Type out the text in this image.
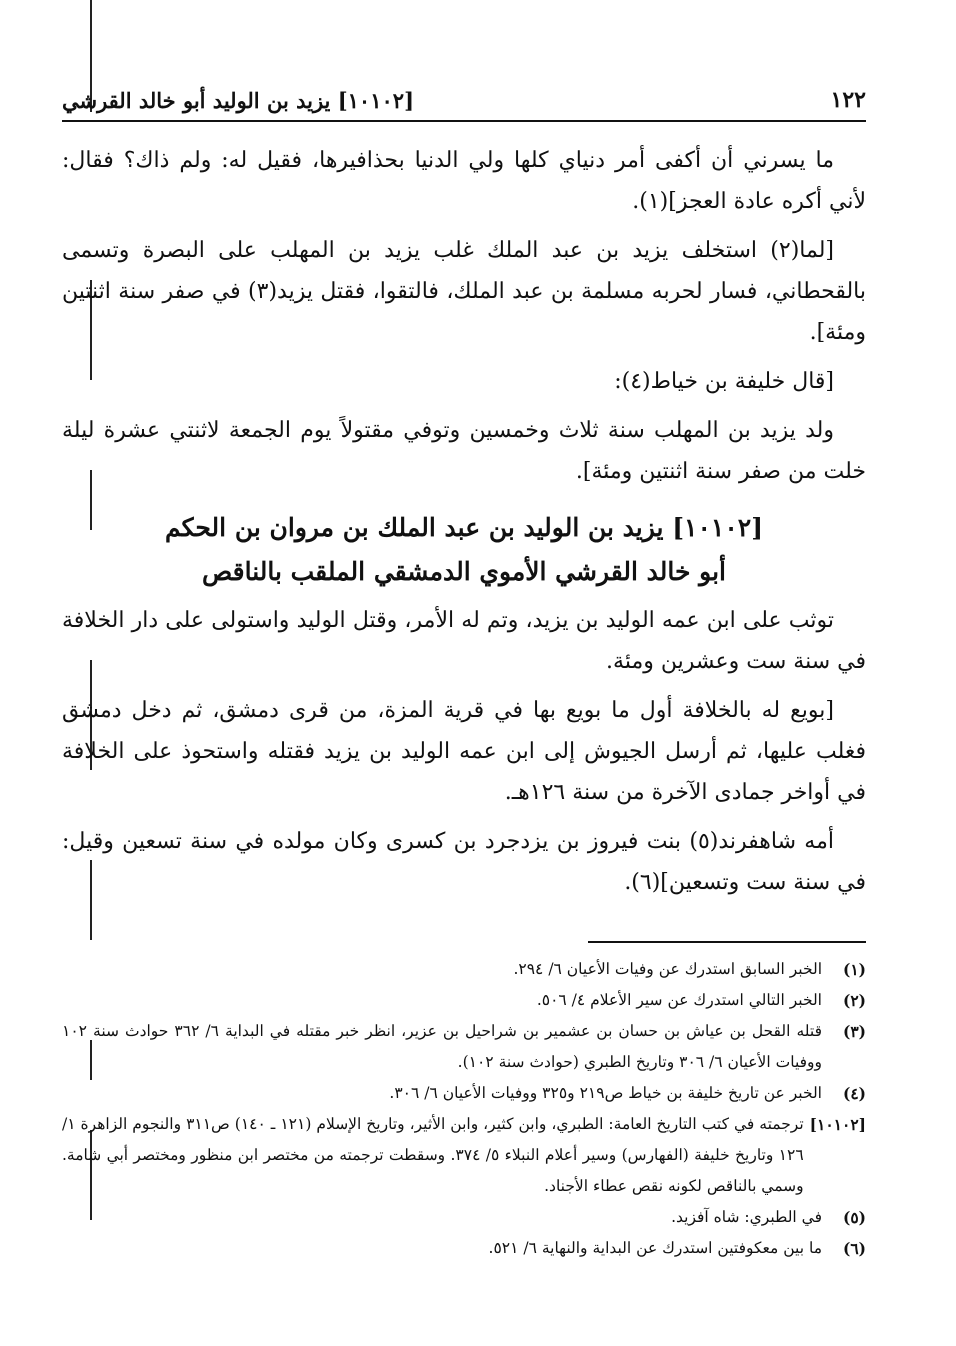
١٢٢
[١٠١٠٢] يزيد بن الوليد أبو خالد القرشي

ما يسرني أن أكفى أمر دنياي كلها ولي الدنيا بحذافيرها، فقيل له: ولم ذاك؟ فقال: لأني أكره عادة العجز](١).

[لما(٢) استخلف يزيد بن عبد الملك غلب يزيد بن المهلب على البصرة وتسمى بالقحطاني، فسار لحربه مسلمة بن عبد الملك، فالتقوا، فقتل يزيد(٣) في صفر سنة اثنتين ومئة].

[قال خليفة بن خياط(٤):

ولد يزيد بن المهلب سنة ثلاث وخمسين وتوفي مقتولاً يوم الجمعة لاثنتي عشرة ليلة خلت من صفر سنة اثنتين ومئة].

[١٠١٠٢] يزيد بن الوليد بن عبد الملك بن مروان بن الحكم
أبو خالد القرشي الأموي الدمشقي الملقب بالناقص

توثب على ابن عمه الوليد بن يزيد، وتم له الأمر، وقتل الوليد واستولى على دار الخلافة في سنة ست وعشرين ومئة.

[بويع له بالخلافة أول ما بويع بها في قرية المزة، من قرى دمشق، ثم دخل دمشق فغلب عليها، ثم أرسل الجيوش إلى ابن عمه الوليد بن يزيد فقتله واستحوذ على الخلافة في أواخر جمادى الآخرة من سنة ١٢٦هـ.

أمه شاهفرند(٥) بنت فيروز بن يزدجرد بن كسرى وكان مولده في سنة تسعين وقيل: في سنة ست وتسعين](٦).

(١)
الخبر السابق استدرك عن وفيات الأعيان ٦/ ٢٩٤.
(٢)
الخبر التالي استدرك عن سير الأعلام ٤/ ٥٠٦.
(٣)
قتله القحل بن عياش بن حسان بن عشمير بن شراحيل بن عزير، انظر خبر مقتله في البداية ٦/ ٣٦٢ حوادث سنة ١٠٢ ووفيات الأعيان ٦/ ٣٠٦ وتاريخ الطبري (حوادث سنة ١٠٢).
(٤)
الخبر عن تاريخ خليفة بن خياط ص٢١٩ و٣٢٥ ووفيات الأعيان ٦/ ٣٠٦.
[١٠١٠٢]
ترجمته في كتب التاريخ العامة: الطبري، وابن كثير، وابن الأثير، وتاريخ الإسلام (١٢١ ـ ١٤٠) ص٣١١ والنجوم الزاهرة ١/ ١٢٦ وتاريخ خليفة (الفهارس) وسير أعلام النبلاء ٥/ ٣٧٤. وسقطت ترجمته من مختصر ابن منظور ومختصر أبي شامة. وسمي بالناقص لكونه نقص عطاء الأجناد.
(٥)
في الطبري: شاه آفزيد.
(٦)
ما بين معكوفتين استدرك عن البداية والنهاية ٦/ ٥٢١.
